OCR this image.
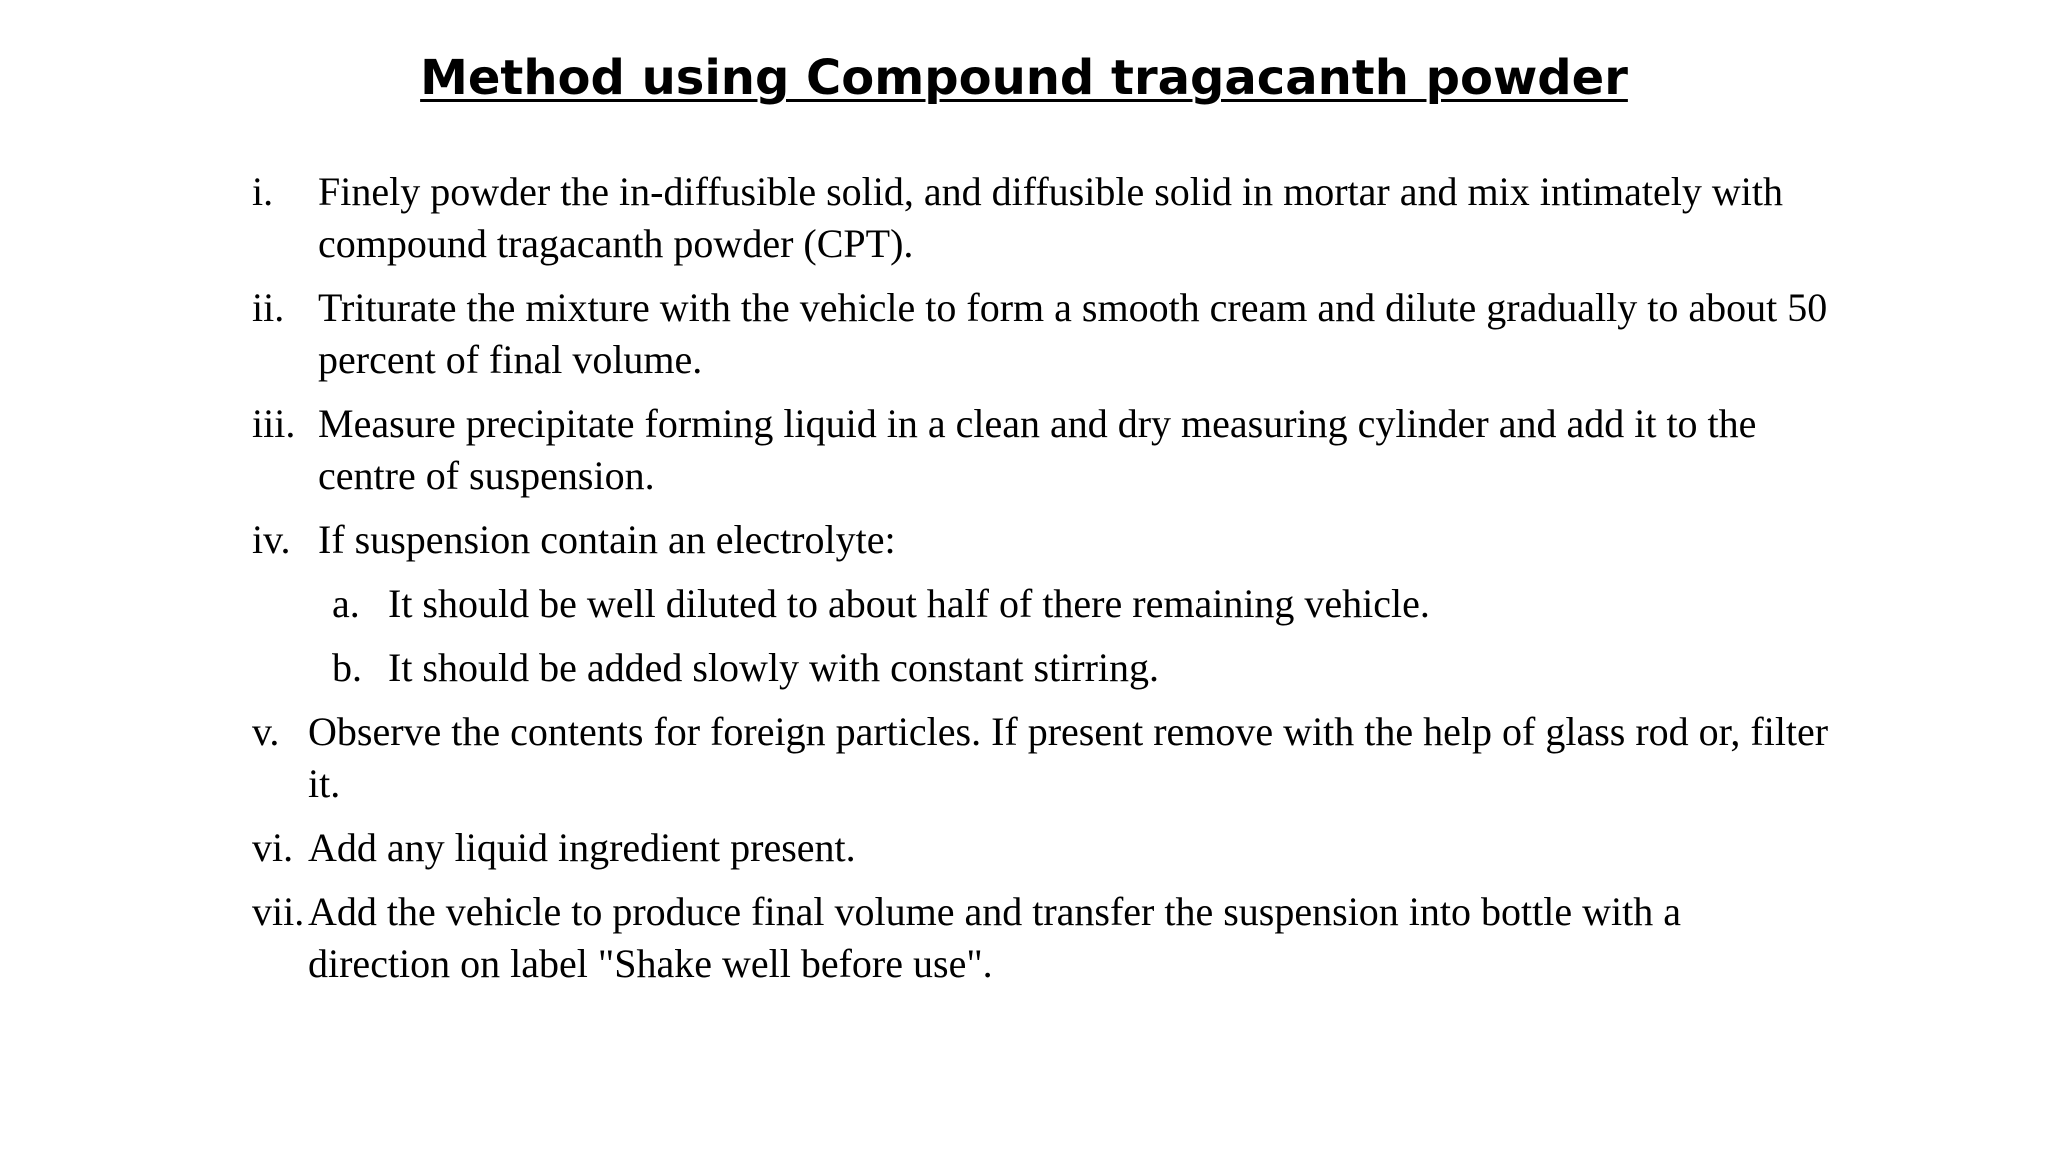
Method using Compound tragacanth powder
i.	Finely powder the in-diffusible solid, and diffusible solid in mortar and mix intimately with compound tragacanth powder (CPT).
ii. Triturate the mixture with the vehicle to form a smooth cream and dilute gradually to about 50 percent of final volume.
iii. Measure precipitate forming liquid in a clean and dry measuring cylinder and add it to the centre of suspension.
iv. If suspension contain an electrolyte:
a. It should be well diluted to about half of there remaining vehicle.
b. It should be added slowly with constant stirring.
v. Observe the contents for foreign particles. If present remove with the help of glass rod or, filter it.
vi. Add any liquid ingredient present.
vii. Add the vehicle to produce final volume and transfer the suspension into bottle with a direction on label "Shake well before use".
